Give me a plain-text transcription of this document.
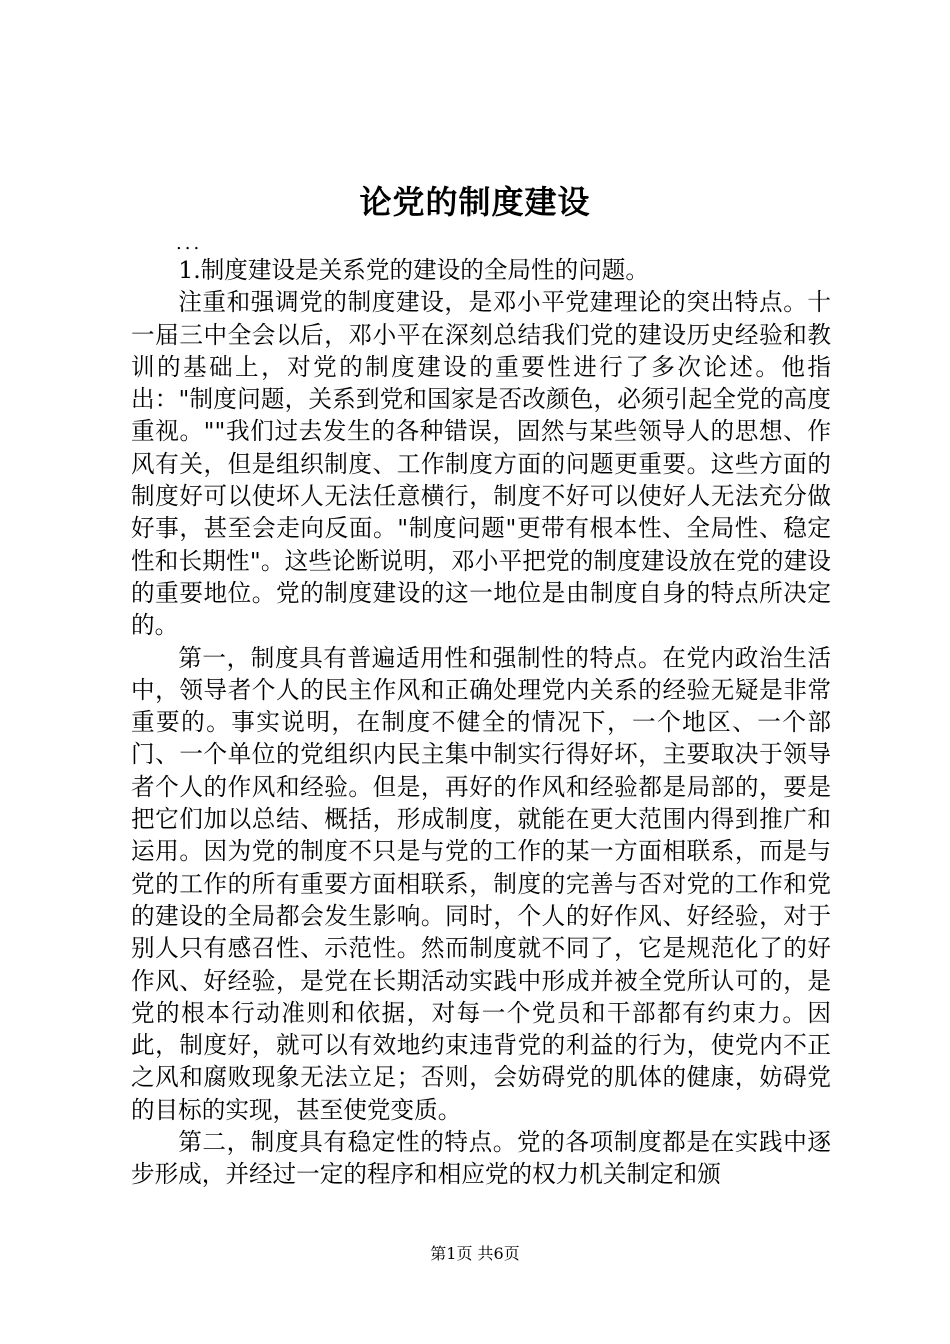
论党的制度建设
...

1.制度建设是关系党的建设的全局性的问题。

注重和强调党的制度建设，是邓小平党建理论的突出特点。十一届三中全会以后，邓小平在深刻总结我们党的建设历史经验和教训的基础上，对党的制度建设的重要性进行了多次论述。他指出："制度问题，关系到党和国家是否改颜色，必须引起全党的高度重视。""我们过去发生的各种错误，固然与某些领导人的思想、作风有关，但是组织制度、工作制度方面的问题更重要。这些方面的制度好可以使坏人无法任意横行，制度不好可以使好人无法充分做好事，甚至会走向反面。"制度问题"更带有根本性、全局性、稳定性和长期性"。这些论断说明，邓小平把党的制度建设放在党的建设的重要地位。党的制度建设的这一地位是由制度自身的特点所决定的。

第一，制度具有普遍适用性和强制性的特点。在党内政治生活中，领导者个人的民主作风和正确处理党内关系的经验无疑是非常重要的。事实说明，在制度不健全的情况下，一个地区、一个部门、一个单位的党组织内民主集中制实行得好坏，主要取决于领导者个人的作风和经验。但是，再好的作风和经验都是局部的，要是把它们加以总结、概括，形成制度，就能在更大范围内得到推广和运用。因为党的制度不只是与党的工作的某一方面相联系，而是与党的工作的所有重要方面相联系，制度的完善与否对党的工作和党的建设的全局都会发生影响。同时，个人的好作风、好经验，对于别人只有感召性、示范性。然而制度就不同了，它是规范化了的好作风、好经验，是党在长期活动实践中形成并被全党所认可的，是党的根本行动准则和依据，对每一个党员和干部都有约束力。因此，制度好，就可以有效地约束违背党的利益的行为，使党内不正之风和腐败现象无法立足；否则，会妨碍党的肌体的健康，妨碍党的目标的实现，甚至使党变质。

第二，制度具有稳定性的特点。党的各项制度都是在实践中逐步形成，并经过一定的程序和相应党的权力机关制定和颁

第1页 共6页
